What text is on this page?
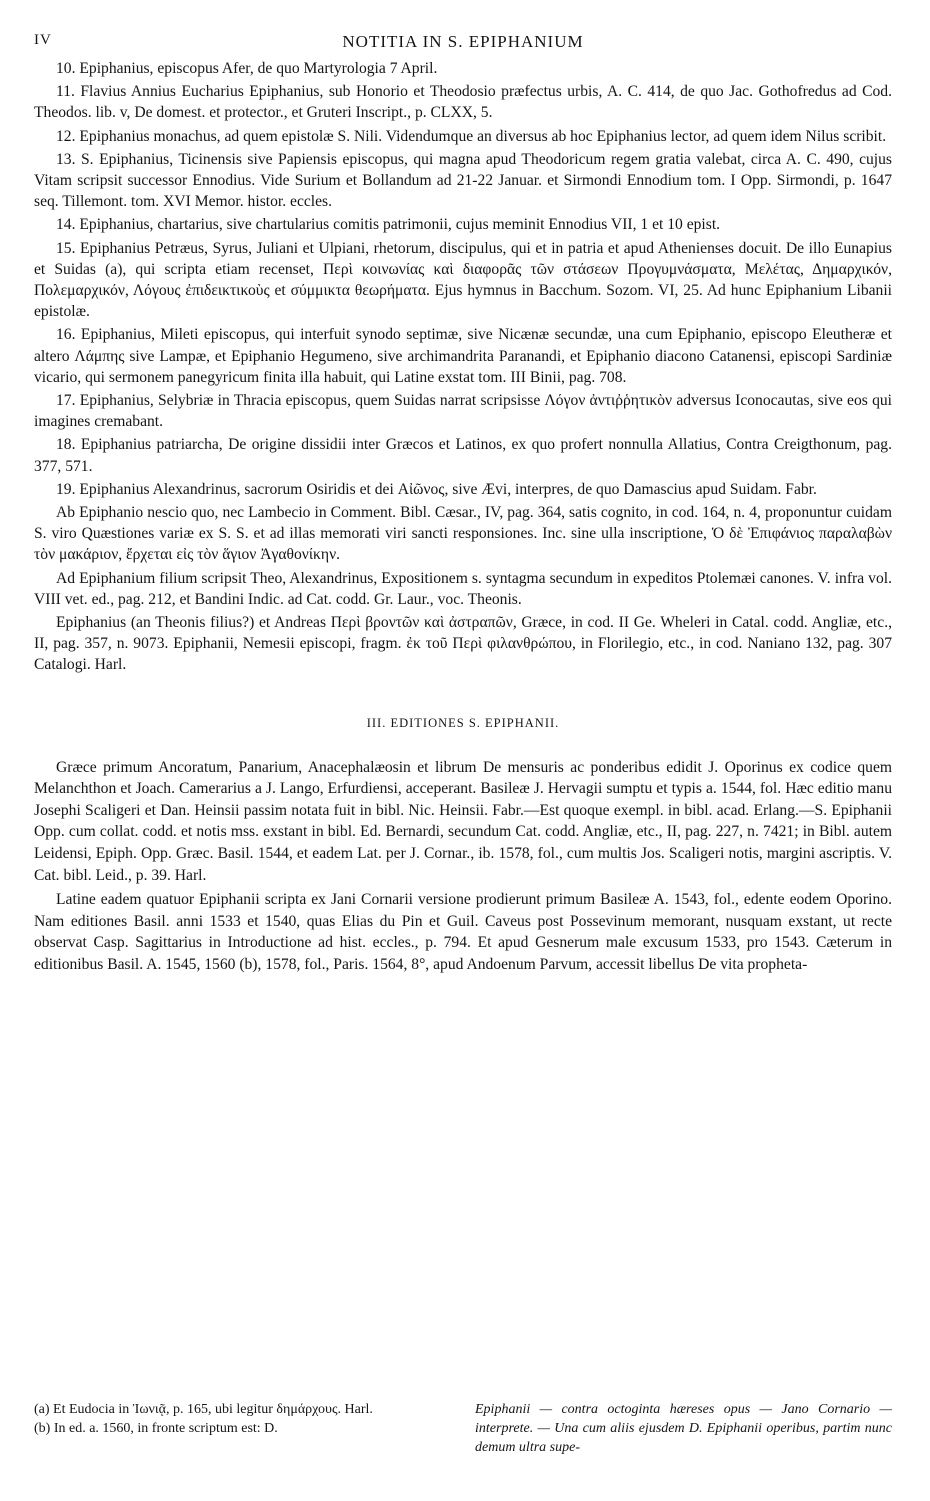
IV	NOTITIA IN S. EPIPHANIUM

10. Epiphanius, episcopus Afer, de quo Martyrologia 7 April.

11. Flavius Annius Eucharius Epiphanius, sub Honorio et Theodosio præfectus urbis, A. C. 414, de quo Jac. Gothofredus ad Cod. Theodos. lib. v, De domest. et protector., et Gruteri Inscript., p. CLXX, 5.

12. Epiphanius monachus, ad quem epistolæ S. Nili. Videndumque an diversus ab hoc Epiphanius lector, ad quem idem Nilus scribit.

13. S. Epiphanius, Ticinensis sive Papiensis episcopus, qui magna apud Theodoricum regem gratia valebat, circa A. C. 490, cujus Vitam scripsit successor Ennodius. Vide Surium et Bollandum ad 21-22 Januar. et Sirmondi Ennodium tom. I Opp. Sirmondi, p. 1647 seq. Tillemont. tom. XVI Memor. histor. eccles.

14. Epiphanius, chartarius, sive chartularius comitis patrimonii, cujus meminit Ennodius VII, 1 et 10 epist.

15. Epiphanius Petræus, Syrus, Juliani et Ulpiani, rhetorum, discipulus, qui et in patria et apud Athenienses docuit. De illo Eunapius et Suidas (a), qui scripta etiam recenset, Περὶ κοινωνίας καὶ διαφορᾶς τῶν στάσεων Προγυμνάσματα, Μελέτας, Δημαρχικόν, Πολεμαρχικόν, Λόγους ἐπιδεικτικοὺς et σύμμικτα θεωρήματα. Ejus hymnus in Bacchum. Sozom. VI, 25. Ad hunc Epiphanium Libanii epistolæ.

16. Epiphanius, Mileti episcopus, qui interfuit synodo septimæ, sive Nicænæ secundæ, una cum Epiphanio, episcopo Eleutheræ et altero Λάμπης sive Lampæ, et Epiphanio Hegumeno, sive archimandrita Paranandi, et Epiphanio diacono Catanensi, episcopi Sardiniæ vicario, qui sermonem panegyricum finita illa habuit, qui Latine exstat tom. III Binii, pag. 708.

17. Epiphanius, Selybriæ in Thracia episcopus, quem Suidas narrat scripsisse Λόγον ἀντιῤῥητικὸν adversus Iconocautas, sive eos qui imagines cremabant.

18. Epiphanius patriarcha, De origine dissidii inter Græcos et Latinos, ex quo profert nonnulla Allatius, Contra Creigthonum, pag. 377, 571.

19. Epiphanius Alexandrinus, sacrorum Osiridis et dei Αἰῶνος, sive Ævi, interpres, de quo Damascius apud Suidam. Fabr.

Ab Epiphanio nescio quo, nec Lambecio in Comment. Bibl. Cæsar., IV, pag. 364, satis cognito, in cod. 164, n. 4, proponuntur cuidam S. viro Quæstiones variæ ex S. S. et ad illas memorati viri sancti responsiones. Inc. sine ulla inscriptione, Ὁ δὲ Ἐπιφάνιος παραλαβὼν τὸν μακάριον, ἔρχεται εἰς τὸν ἅγιον Ἀγαθονίκην.

Ad Epiphanium filium scripsit Theo, Alexandrinus, Expositionem s. syntagma secundum in expeditos Ptolemæi canones. V. infra vol. VIII vet. ed., pag. 212, et Bandini Indic. ad Cat. codd. Gr. Laur., voc. Theonis.

Epiphanius (an Theonis filius?) et Andreas Περὶ βροντῶν καὶ ἀστραπῶν, Græce, in cod. II Ge. Wheleri in Catal. codd. Angliæ, etc., II, pag. 357, n. 9073. Epiphanii, Nemesii episcopi, fragm. ἐκ τοῦ Περὶ φιλανθρώπου, in Florilegio, etc., in cod. Naniano 132, pag. 307 Catalogi. Harl.

III. EDITIONES S. EPIPHANII.

Græce primum Ancoratum, Panarium, Anacephalæosin et librum De mensuris ac ponderibus edidit J. Oporinus ex codice quem Melanchthon et Joach. Camerarius a J. Lango, Erfurdiensi, acceperant. Basileæ J. Hervagii sumptu et typis a. 1544, fol. Hæc editio manu Josephi Scaligeri et Dan. Heinsii passim notata fuit in bibl. Nic. Heinsii. Fabr.—Est quoque exempl. in bibl. acad. Erlang.—S. Epiphanii Opp. cum collat. codd. et notis mss. exstant in bibl. Ed. Bernardi, secundum Cat. codd. Angliæ, etc., II, pag. 227, n. 7421; in Bibl. autem Leidensi, Epiph. Opp. Græc. Basil. 1544, et eadem Lat. per J. Cornar., ib. 1578, fol., cum multis Jos. Scaligeri notis, margini ascriptis. V. Cat. bibl. Leid., p. 39. Harl.

Latine eadem quatuor Epiphanii scripta ex Jani Cornarii versione prodierunt primum Basileæ A. 1543, fol., edente eodem Oporino. Nam editiones Basil. anni 1533 et 1540, quas Elias du Pin et Guil. Caveus post Possevinum memorant, nusquam exstant, ut recte observat Casp. Sagittarius in Introductione ad hist. eccles., p. 794. Et apud Gesnerum male excusum 1533, pro 1543. Cæterum in editionibus Basil. A. 1545, 1560 (b), 1578, fol., Paris. 1564, 8°, apud Andoenum Parvum, accessit libellus De vita propheta-

(a) Et Eudocia in Ἰωνιᾷ, p. 165, ubi legitur δημάρχους. Harl.

(b) In ed. a. 1560, in fronte scriptum est: D.

Epiphanii — contra octoginta hæreses opus — Jano Cornario — interprete. — Una cum aliis ejusdem D. Epiphanii operibus, partim nunc demum ultra supe-
